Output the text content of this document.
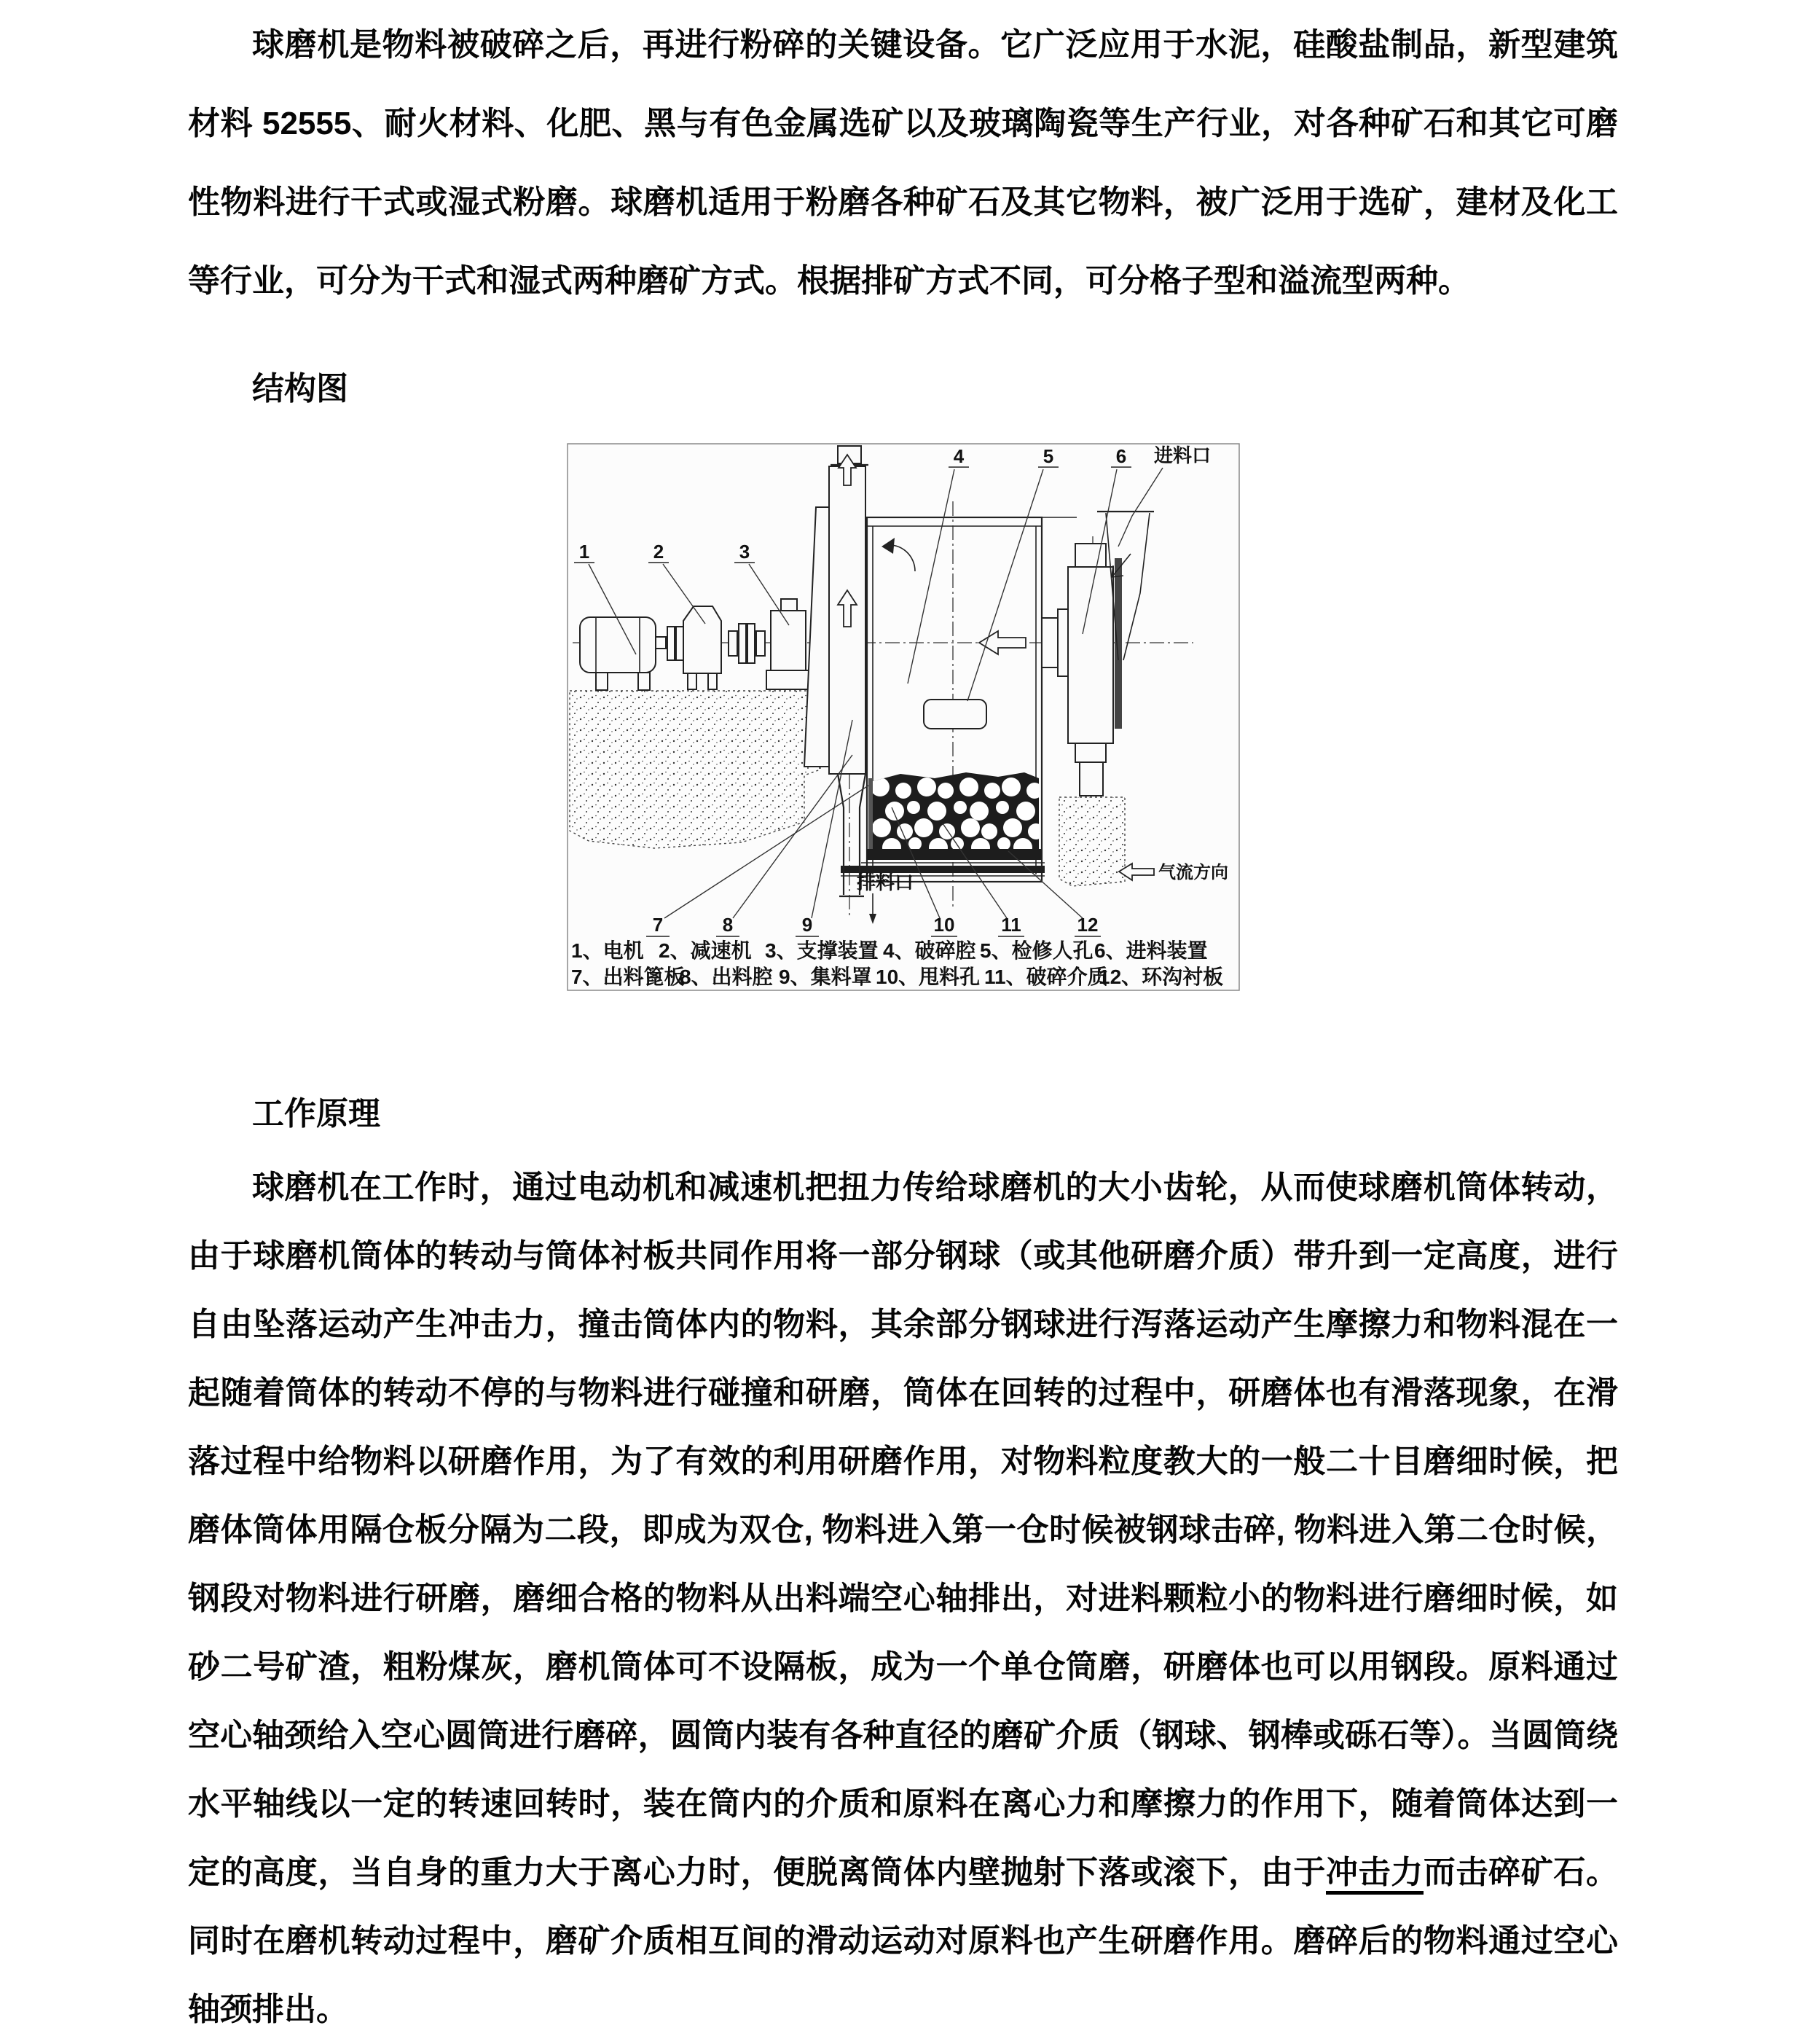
球磨机是物料被破碎之后，再进行粉碎的关键设备。它广泛应用于水泥，硅酸盐制品，新型建筑材料 52555、耐火材料、化肥、黑与有色金属选矿以及玻璃陶瓷等生产行业，对各种矿石和其它可磨性物料进行干式或湿式粉磨。球磨机适用于粉磨各种矿石及其它物料，被广泛用于选矿，建材及化工等行业，可分为干式和湿式两种磨矿方式。根据排矿方式不同，可分格子型和溢流型两种。

结构图
1	2	3
4	5	6
7	8	9	10 11	12
进料口
排料口	气流方向
1、电机 2、减速机 3、支撑装置 4、破碎腔 5、检修人孔 6、进料装置
7、出料篦板
8、出料腔 9、集料罩 10、甩料孔 11、破碎介质
12、环沟衬板
工作原理

球磨机在工作时，通过电动机和减速机把扭力传给球磨机的大小齿轮，从而使球磨机筒体转动，由于球磨机筒体的转动与筒体衬板共同作用将一部分钢球（或其他研磨介质）带升到一定高度，进行自由坠落运动产生冲击力，撞击筒体内的物料，其余部分钢球进行泻落运动产生摩擦力和物料混在一起随着筒体的转动不停的与物料进行碰撞和研磨，筒体在回转的过程中，研磨体也有滑落现象，在滑落过程中给物料以研磨作用，为了有效的利用研磨作用，对物料粒度教大的一般二十目磨细时候，把磨体筒体用隔仓板分隔为二段，即成为双仓, 物料进入第一仓时候被钢球击碎, 物料进入第二仓时候，钢段对物料进行研磨，磨细合格的物料从出料端空心轴排出，对进料颗粒小的物料进行磨细时候，如砂二号矿渣，粗粉煤灰，磨机筒体可不设隔板，成为一个单仓筒磨，研磨体也可以用钢段。原料通过空心轴颈给入空心圆筒进行磨碎，圆筒内装有各种直径的磨矿介质（钢球、钢棒或砾石等）。当圆筒绕水平轴线以一定的转速回转时，装在筒内的介质和原料在离心力和摩擦力的作用下，随着筒体达到一定的高度，当自身的重力大于离心力时，便脱离筒体内壁抛射下落或滚下，由于冲击力而击碎矿石。同时在磨机转动过程中，磨矿介质相互间的滑动运动对原料也产生研磨作用。磨碎后的物料通过空心轴颈排出。
